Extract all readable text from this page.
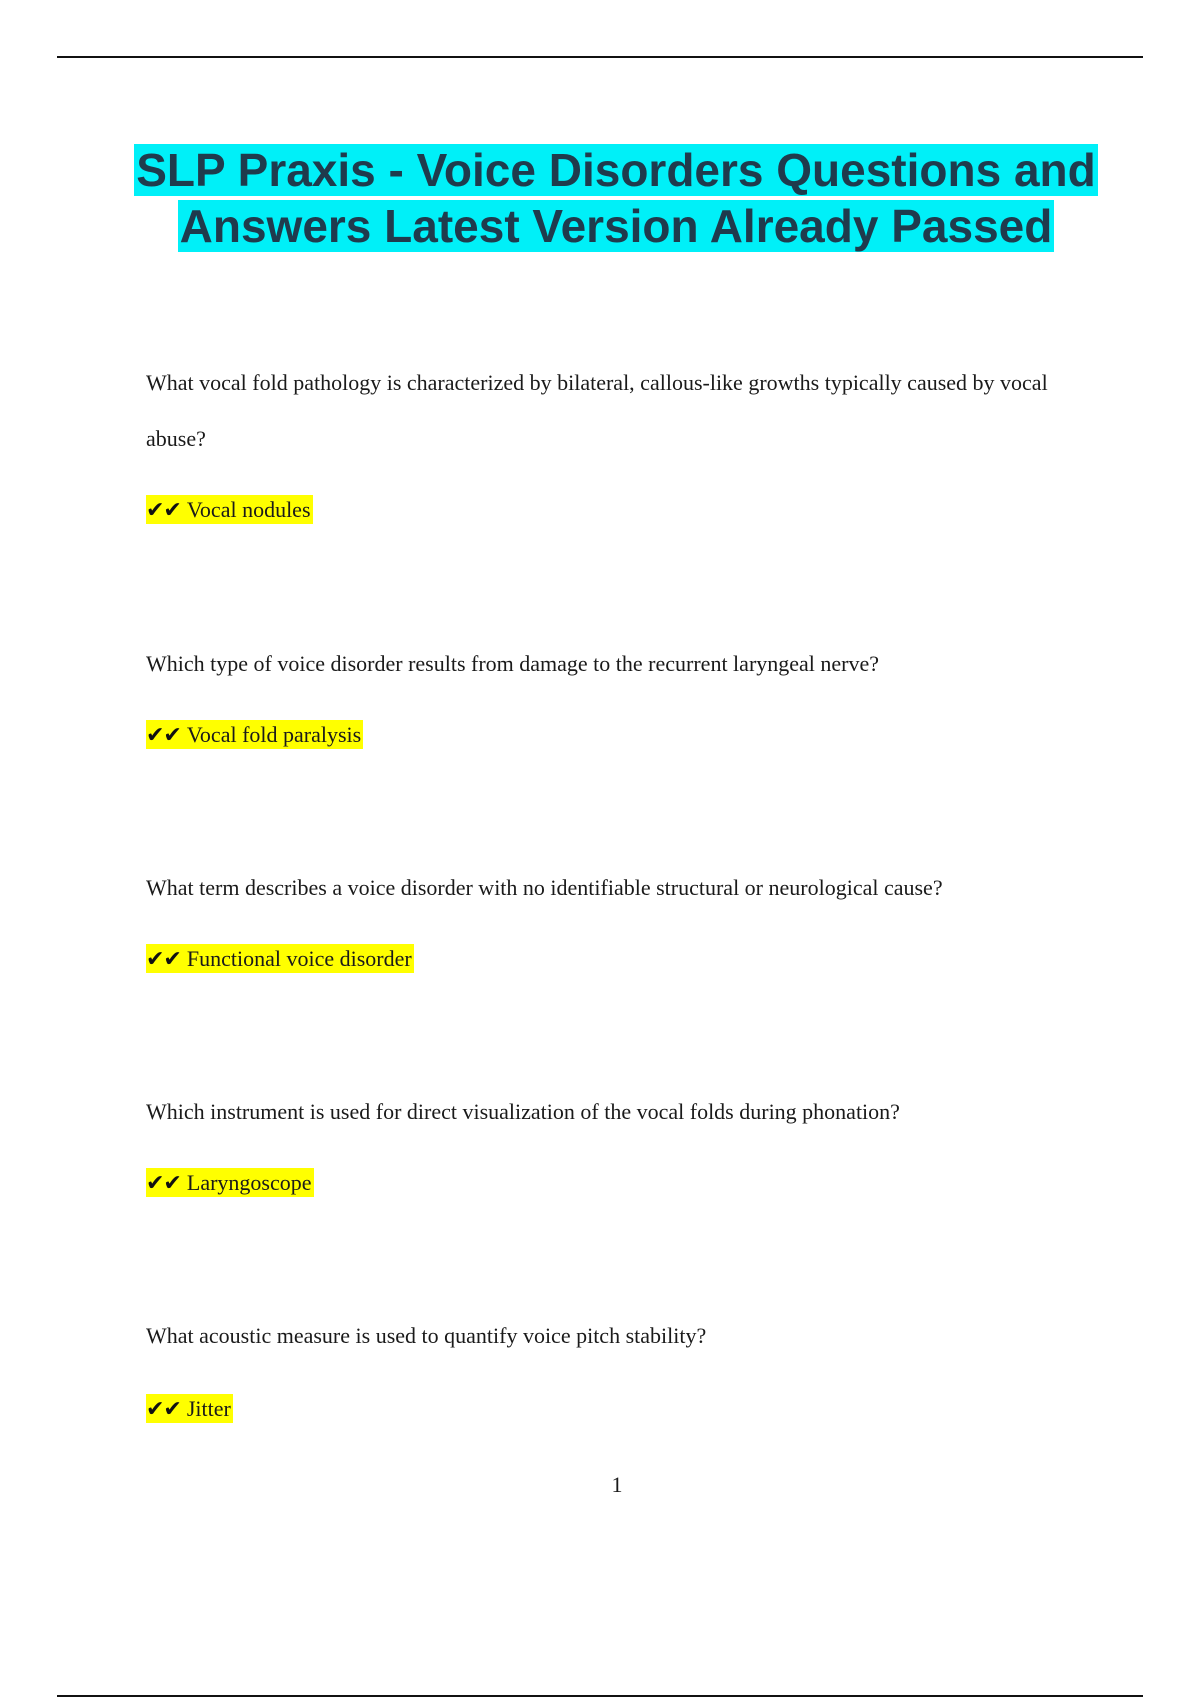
SLP Praxis - Voice Disorders Questions and Answers Latest Version Already Passed

What vocal fold pathology is characterized by bilateral, callous-like growths typically caused by vocal abuse?

✔✔ Vocal nodules

Which type of voice disorder results from damage to the recurrent laryngeal nerve?

✔✔ Vocal fold paralysis

What term describes a voice disorder with no identifiable structural or neurological cause?

✔✔ Functional voice disorder

Which instrument is used for direct visualization of the vocal folds during phonation?

✔✔ Laryngoscope

What acoustic measure is used to quantify voice pitch stability?

✔✔ Jitter
1
